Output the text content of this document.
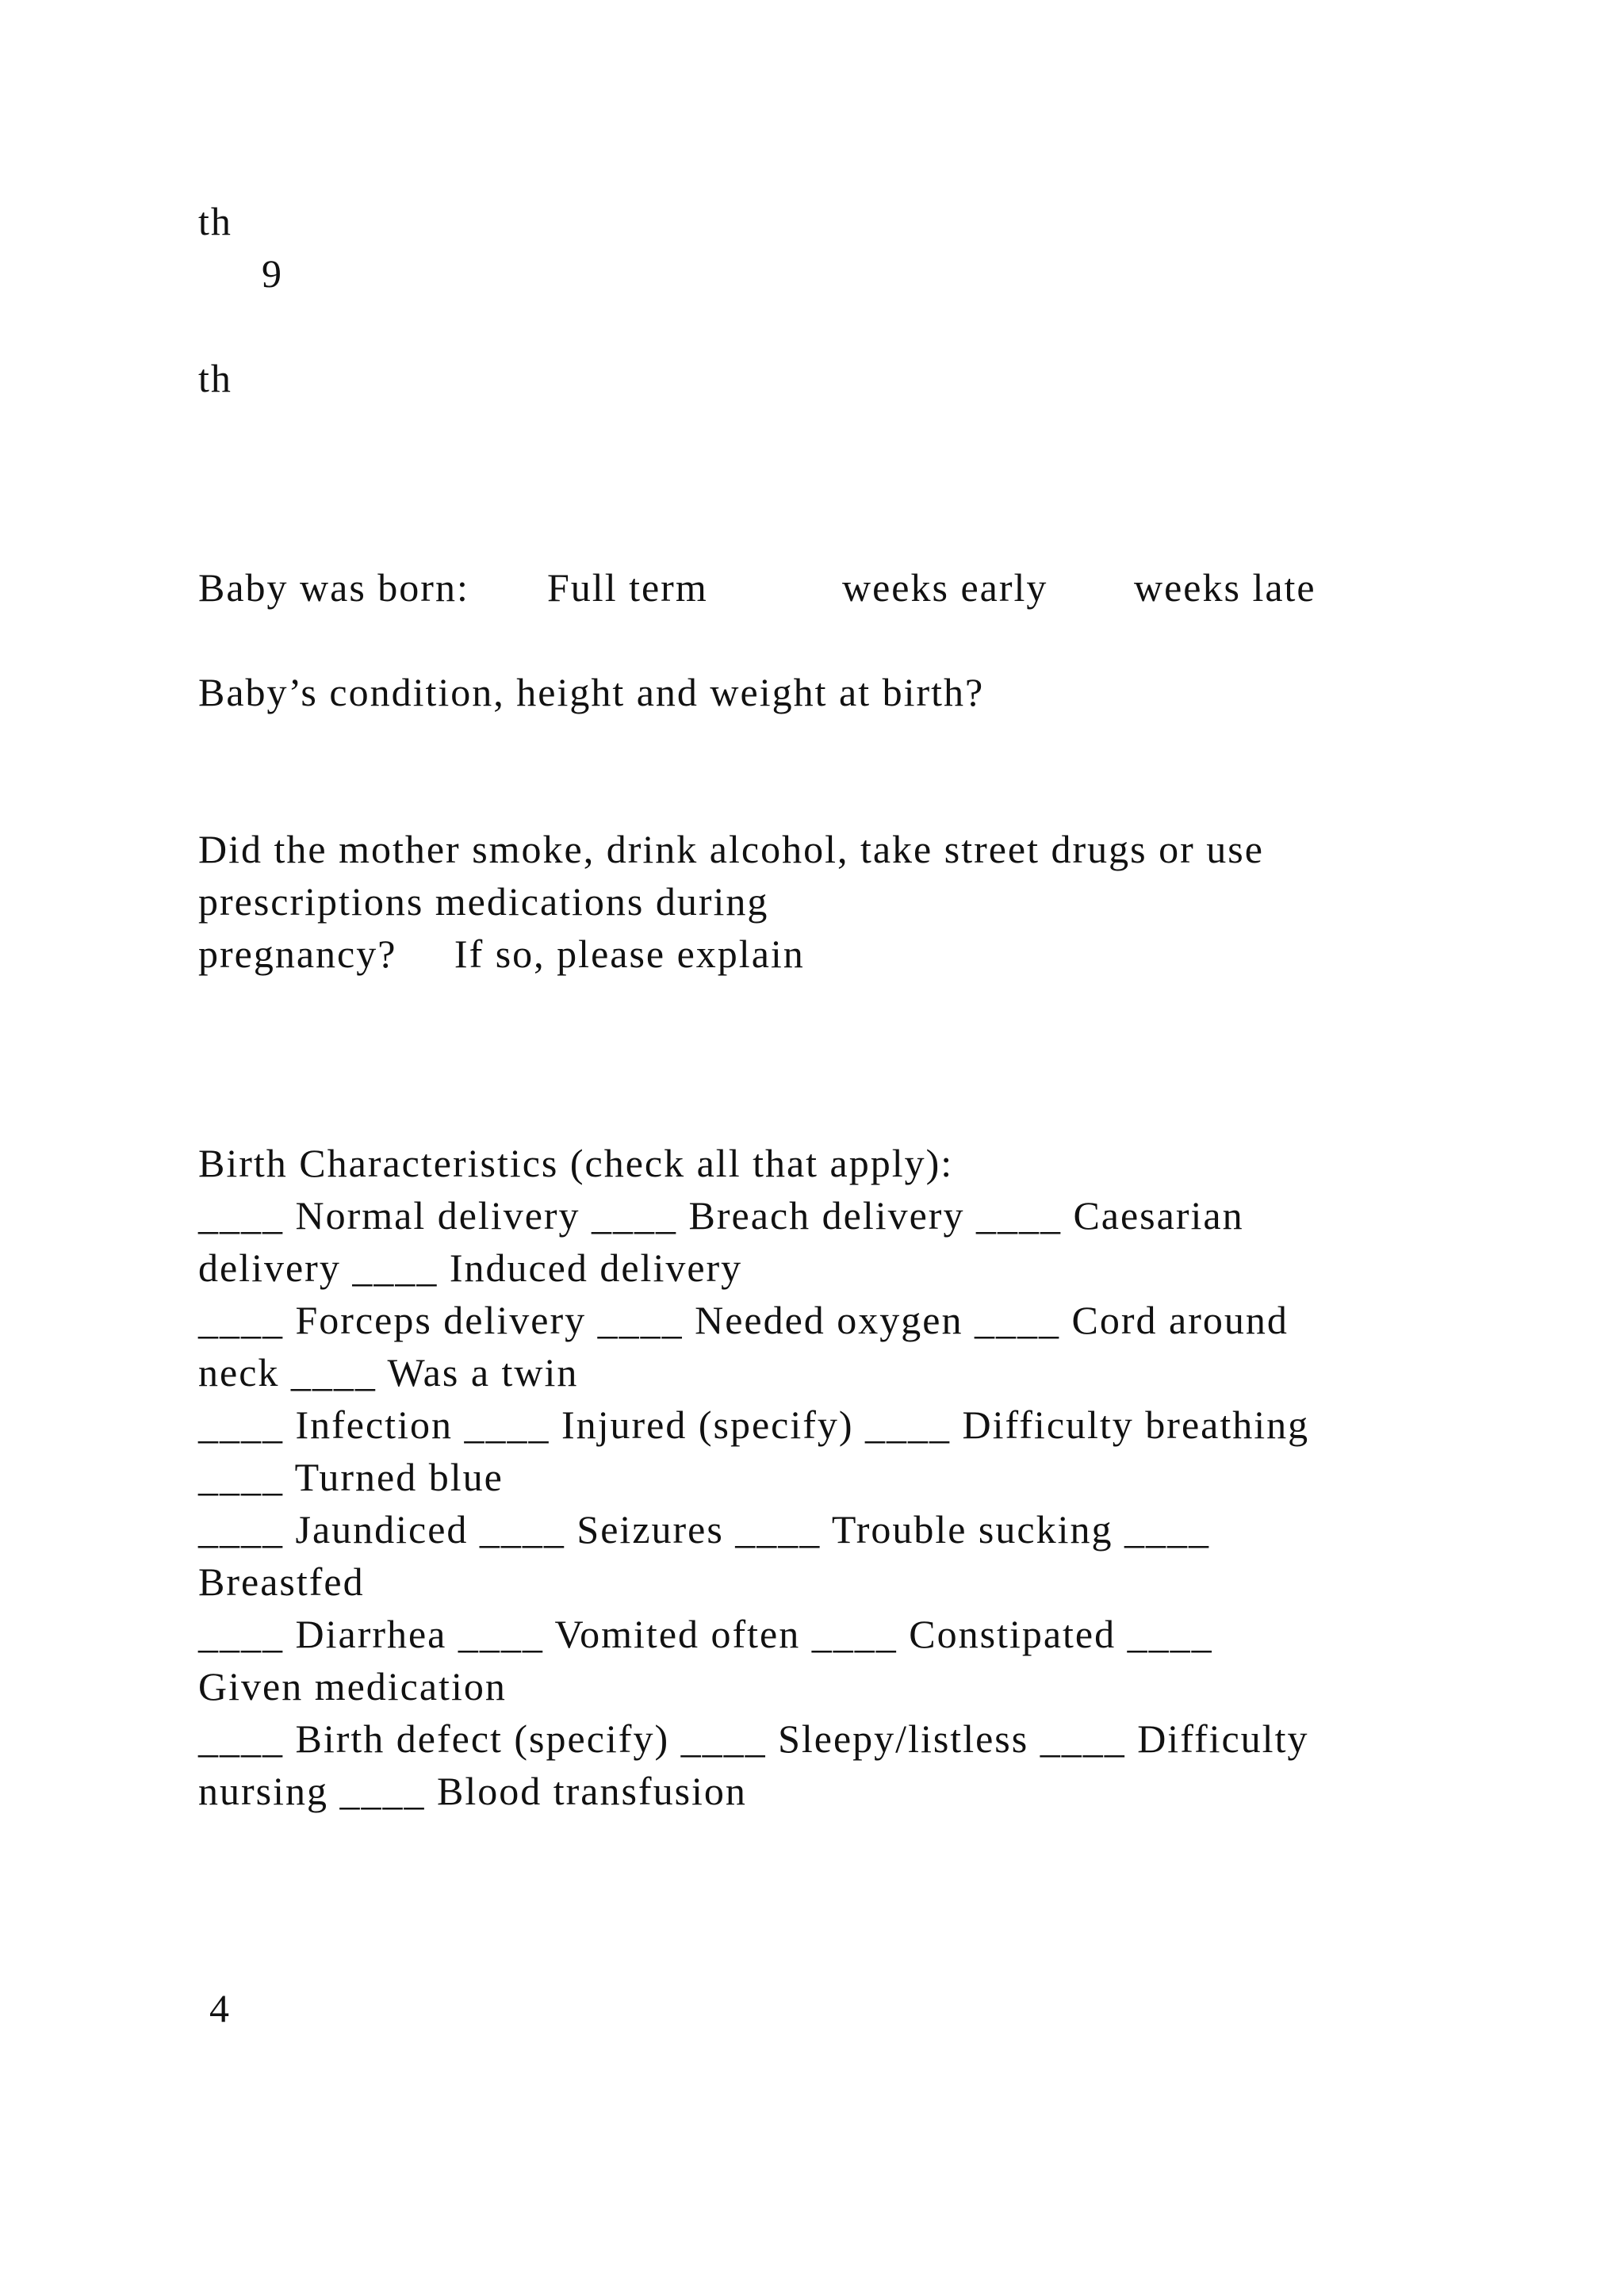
th

9

th

Baby was born: Full term	weeks early weeks late

Baby’s condition, height and weight at birth?

Did the mother smoke, drink alcohol, take street drugs or use

prescriptions medications during

pregnancy?     If so, please explain

Birth Characteristics (check all that apply):

____ Normal delivery ____ Breach delivery ____ Caesarian

delivery ____ Induced delivery

____ Forceps delivery ____ Needed oxygen ____ Cord around

neck ____ Was a twin

____ Infection ____ Injured (specify) ____ Difficulty breathing

____ Turned blue

____ Jaundiced ____ Seizures ____ Trouble sucking ____

Breastfed

____ Diarrhea ____ Vomited often ____ Constipated ____

Given medication

____ Birth defect (specify) ____ Sleepy/listless ____ Difficulty

nursing ____ Blood transfusion

4
